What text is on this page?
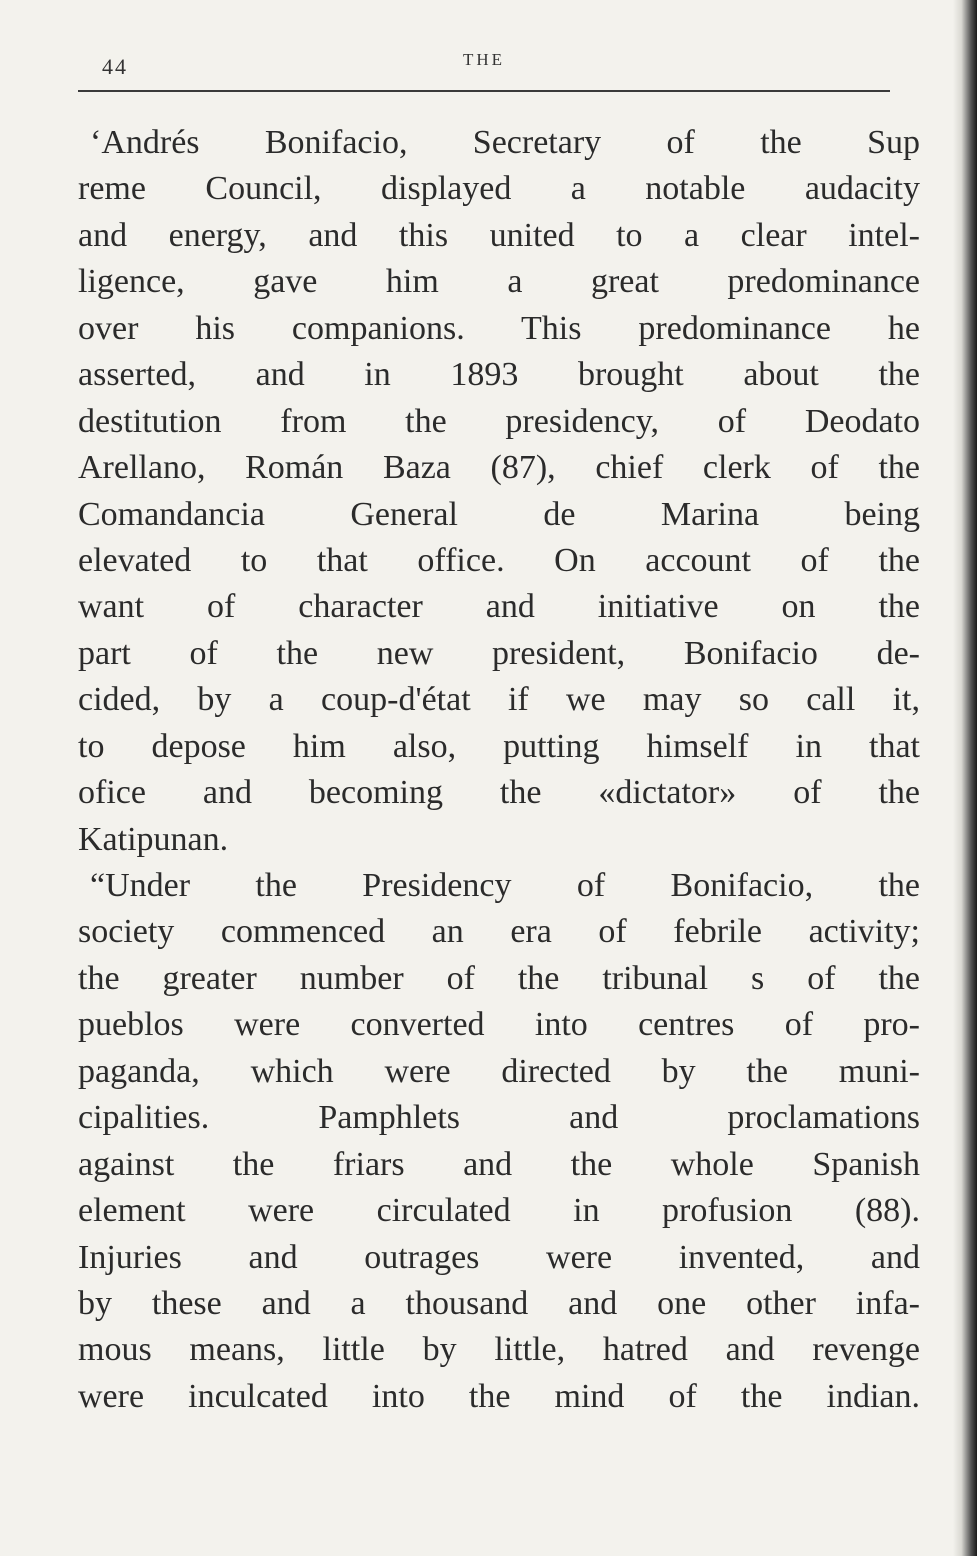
44	THE
‘Andrés Bonifacio, Secretary of the Sup
reme Council, displayed a notable audacity
and energy, and this united to a clear intel-
ligence, gave him a great predominance
over his companions. This predominance he
asserted, and in 1893 brought about the
destitution from the presidency, of Deodato
Arellano, Román Baza (87), chief clerk of the
Comandancia General de Marina being
elevated to that office. On account of the
want of character and initiative on the
part of the new president, Bonifacio de-
cided, by a coup-d'état if we may so call it,
to depose him also, putting himself in that
ofice and becoming the «dictator» of the
Katipunan.
“Under the Presidency of Bonifacio, the
society commenced an era of febrile activity;
the greater number of the tribunal s of the
pueblos were converted into centres of pro-
paganda, which were directed by the muni-
cipalities. Pamphlets and proclamations
against the friars and the whole Spanish
element were circulated in profusion (88).
Injuries and outrages were invented, and
by these and a thousand and one other infa-
mous means, little by little, hatred and revenge
were inculcated into the mind of the indian.
